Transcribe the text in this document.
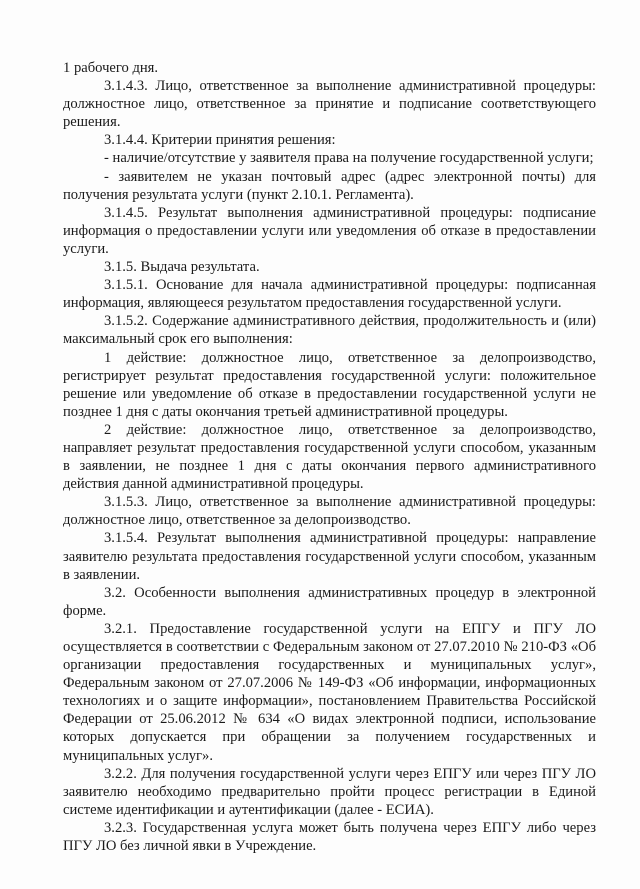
1 рабочего дня.

3.1.4.3. Лицо, ответственное за выполнение административной процедуры: должностное лицо, ответственное за принятие и подписание соответствующего решения.

3.1.4.4. Критерии принятия решения:

- наличие/отсутствие у заявителя права на получение государственной услуги;

- заявителем не указан почтовый адрес (адрес электронной почты) для получения результата услуги (пункт 2.10.1. Регламента).

3.1.4.5. Результат выполнения административной процедуры: подписание информация о предоставлении услуги или уведомления об отказе в предоставлении услуги.

3.1.5. Выдача результата.

3.1.5.1. Основание для начала административной процедуры: подписанная информация, являющееся результатом предоставления государственной услуги.

3.1.5.2. Содержание административного действия, продолжительность и (или) максимальный срок его выполнения:

1 действие: должностное лицо, ответственное за делопроизводство, регистрирует результат предоставления государственной услуги: положительное решение или уведомление об отказе в предоставлении государственной услуги не позднее 1 дня с даты окончания третьей административной процедуры.

2 действие: должностное лицо, ответственное за делопроизводство, направляет результат предоставления государственной услуги способом, указанным в заявлении, не позднее 1 дня с даты окончания первого административного действия данной административной процедуры.

3.1.5.3. Лицо, ответственное за выполнение административной процедуры: должностное лицо, ответственное за делопроизводство.

3.1.5.4. Результат выполнения административной процедуры: направление заявителю результата предоставления государственной услуги способом, указанным в заявлении.

3.2. Особенности выполнения административных процедур в электронной форме.

3.2.1. Предоставление государственной услуги на ЕПГУ и ПГУ ЛО осуществляется в соответствии с Федеральным законом от 27.07.2010 № 210-ФЗ «Об организации предоставления государственных и муниципальных услуг», Федеральным законом от 27.07.2006 № 149-ФЗ «Об информации, информационных технологиях и о защите информации», постановлением Правительства Российской Федерации от 25.06.2012 № 634 «О видах электронной подписи, использование которых допускается при обращении за получением государственных и муниципальных услуг».

3.2.2. Для получения государственной услуги через ЕПГУ или через ПГУ ЛО заявителю необходимо предварительно пройти процесс регистрации в Единой системе идентификации и аутентификации (далее - ЕСИА).

3.2.3. Государственная услуга может быть получена через ЕПГУ либо через ПГУ ЛО без личной явки в Учреждение.
